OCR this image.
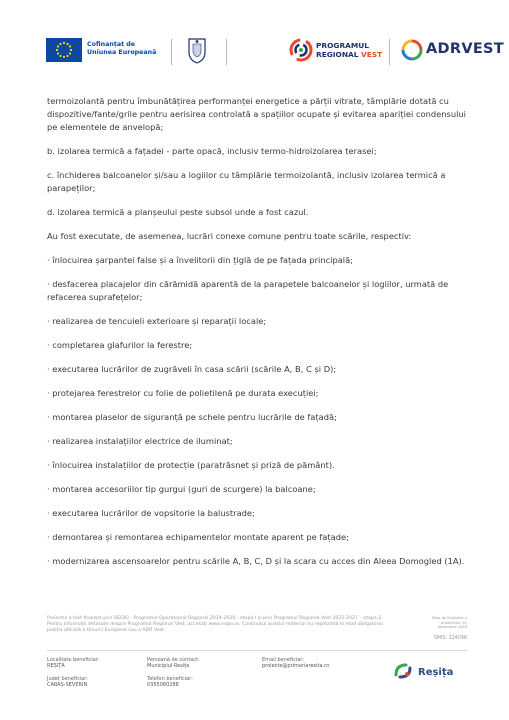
Cofinanțat de
Uniunea Europeană
PROGRAMUL
REGIONAL VEST	ADRVEST

termoizolantă pentru îmbunătățirea performanței energetice a părții vitrate, tâmplărie dotată cu dispozitive/fante/grile pentru aerisirea controlată a spațiilor ocupate și evitarea apariției condensului pe elementele de anvelopă;

b. izolarea termică a fațadei - parte opacă, inclusiv termo-hidroizolarea terasei;

c. închiderea balcoanelor și/sau a logiilor cu tâmplărie termoizolantă, inclusiv izolarea termică a parapeților;

d. izolarea termică a planșeului peste subsol unde a fost cazul.

Au fost executate, de asemenea, lucrări conexe comune pentru toate scările, respectiv:

· înlocuirea șarpantei false și a învelitorii din țiglă de pe fațada principală;

· desfacerea placajelor din cărămidă aparentă de la parapetele balcoanelor și logiilor, urmată de refacerea suprafețelor;

· realizarea de tencuieli exterioare și reparații locale;

· completarea glafurilor la ferestre;

· executarea lucrărilor de zugrăveli în casa scării (scările A, B, C și D);

· protejarea ferestrelor cu folie de polietilenă pe durata execuției;

· montarea plaselor de siguranță pe schele pentru lucrările de fațadă;

· realizarea instalațiilor electrice de iluminat;

· înlocuirea instalațiilor de protecție (paratrăsnet și priză de pământ).

· montarea accesoriilor tip gurgui (guri de scurgere) la balcoane;

· executarea lucrărilor de vopsitorie la balustrade;

· demontarea și remontarea echipamentelor montate aparent pe fațade;

· modernizarea ascensoarelor pentru scările A, B, C, D și la scara cu acces din Aleea Domogled (1A).

Proiectul a fost finanțat prin REGIO - Programul Operațional Regional 2014-2020 - etapa I și prin Programul Regional Vest 2021-2027 – etapa 2. Pentru informații detaliate despre Programul Regional Vest, accesați www.regio.ro. Conținutul acestui material nu reprezintă în mod obligatoriu poziția oficială a Uniunii Europene sau a ADR Vest.
Data de finalizare a proiectului: 31 decembrie 2025
SMIS: 324098
Localitate beneficiar:
REȘIȚA
Județ beneficiar:
CARAȘ-SEVERIN
Persoană de contact:
Municipiul Reșița
Telefon beneficiar:
0355080288
Email beneficiar:
proiecte@primariaresita.ro
Reșița
